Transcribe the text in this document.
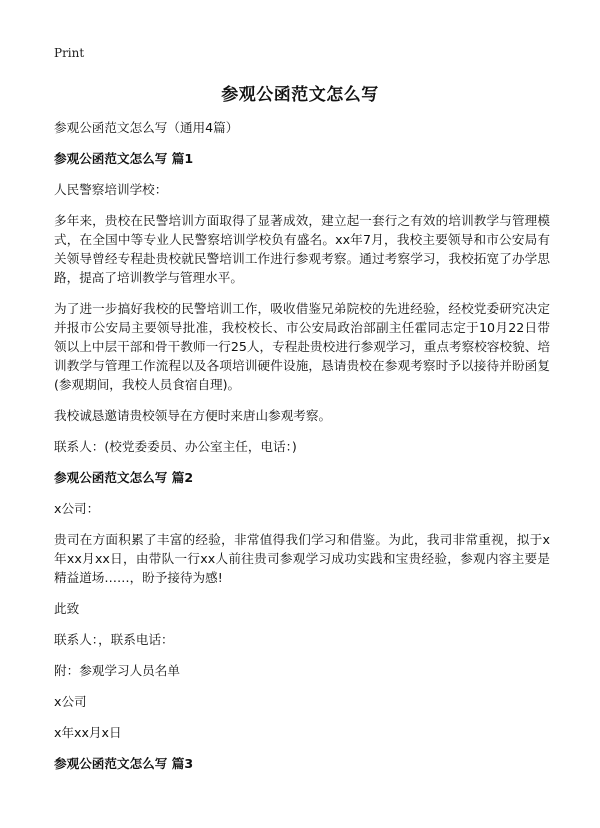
Print
参观公函范文怎么写

参观公函范文怎么写（通用4篇）

参观公函范文怎么写 篇1

人民警察培训学校：

多年来，贵校在民警培训方面取得了显著成效，建立起一套行之有效的培训教学与管理模式，在全国中等专业人民警察培训学校负有盛名。xx年7月，我校主要领导和市公安局有关领导曾经专程赴贵校就民警培训工作进行参观考察。通过考察学习，我校拓宽了办学思路，提高了培训教学与管理水平。

为了进一步搞好我校的民警培训工作，吸收借鉴兄弟院校的先进经验，经校党委研究决定并报市公安局主要领导批准，我校校长、市公安局政治部副主任霍同志定于10月22日带领以上中层干部和骨干教师一行25人，专程赴贵校进行参观学习，重点考察校容校貌、培训教学与管理工作流程以及各项培训硬件设施，恳请贵校在参观考察时予以接待并盼函复(参观期间，我校人员食宿自理)。

我校诚恳邀请贵校领导在方便时来唐山参观考察。

联系人：(校党委委员、办公室主任，电话：)

参观公函范文怎么写 篇2

x公司：

贵司在方面积累了丰富的经验，非常值得我们学习和借鉴。为此，我司非常重视，拟于x年xx月xx日，由带队一行xx人前往贵司参观学习成功实践和宝贵经验，参观内容主要是精益道场……，盼予接待为感!

此致

联系人：，联系电话：

附：参观学习人员名单

x公司

x年xx月x日

参观公函范文怎么写 篇3
